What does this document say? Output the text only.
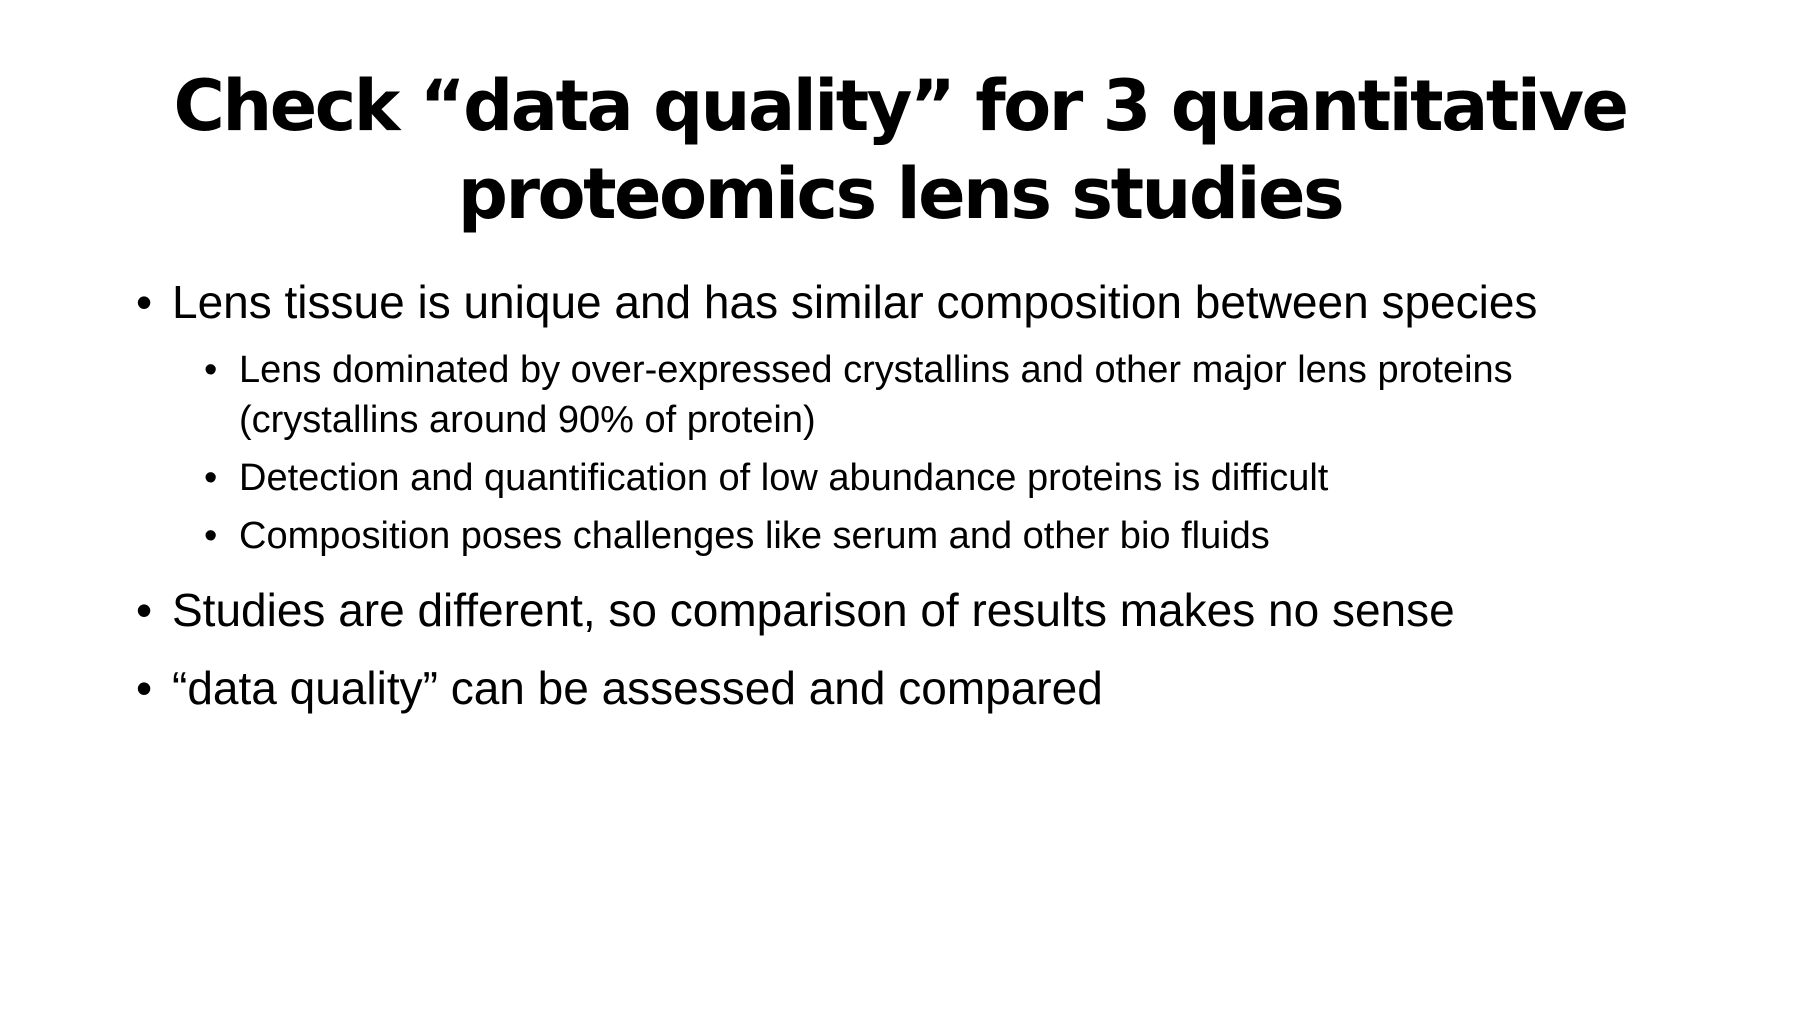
Check “data quality” for 3 quantitative
proteomics lens studies
• Lens tissue is unique and has similar composition between species
• Lens dominated by over-expressed crystallins and other major lens proteins (crystallins around 90% of protein)
• Detection and quantification of low abundance proteins is difficult
• Composition poses challenges like serum and other bio fluids
• Studies are different, so comparison of results makes no sense
• “data quality” can be assessed and compared
